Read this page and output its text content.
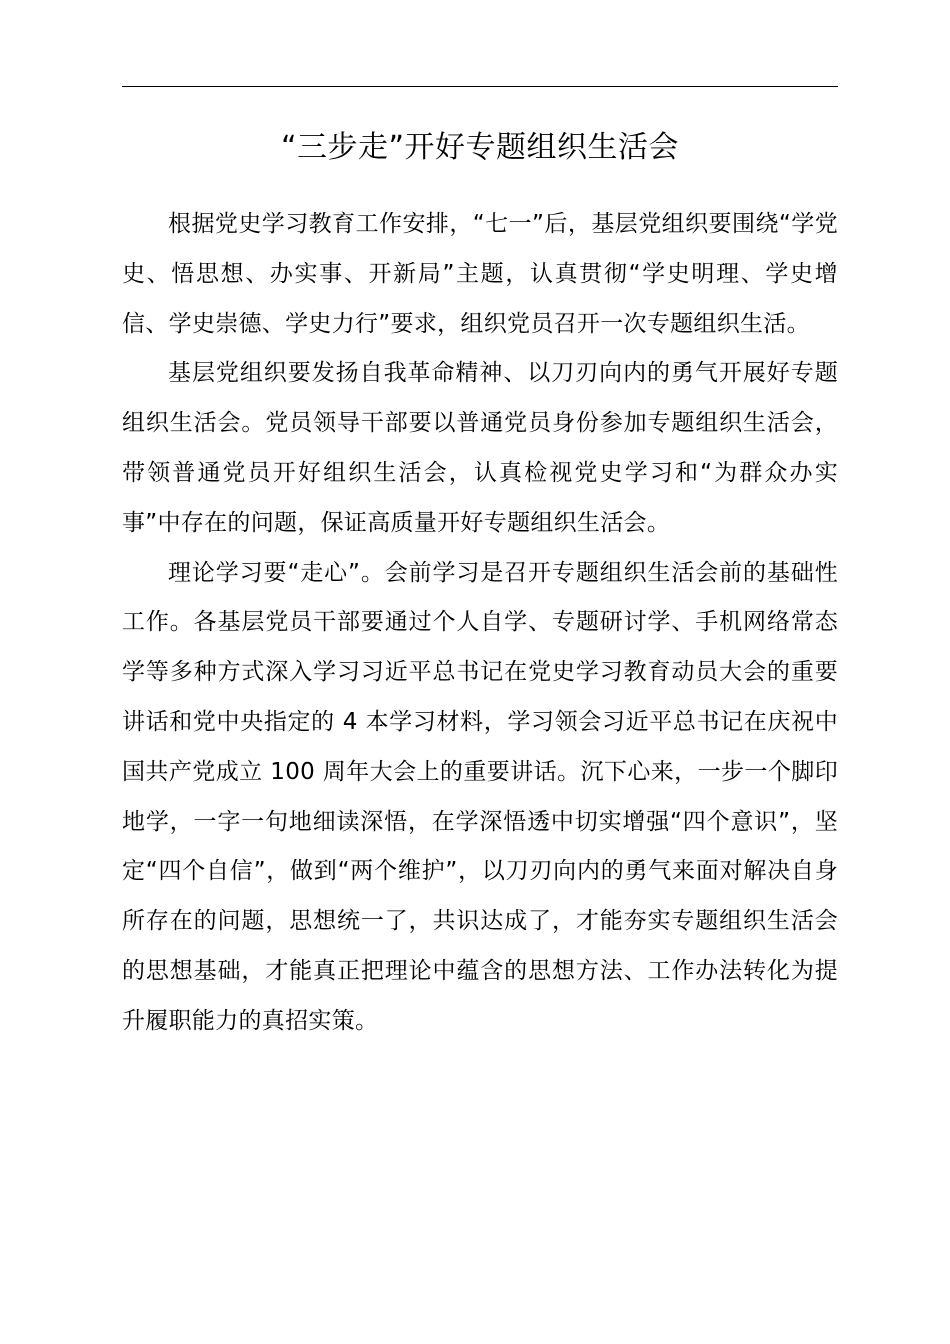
“三步走”开好专题组织生活会

根据党史学习教育工作安排，“七一”后，基层党组织要围绕“学党史、悟思想、办实事、开新局”主题，认真贯彻“学史明理、学史增信、学史崇德、学史力行”要求，组织党员召开一次专题组织生活。

基层党组织要发扬自我革命精神、以刀刃向内的勇气开展好专题组织生活会。党员领导干部要以普通党员身份参加专题组织生活会，带领普通党员开好组织生活会，认真检视党史学习和“为群众办实事”中存在的问题，保证高质量开好专题组织生活会。

理论学习要“走心”。会前学习是召开专题组织生活会前的基础性工作。各基层党员干部要通过个人自学、专题研讨学、手机网络常态学等多种方式深入学习习近平总书记在党史学习教育动员大会的重要讲话和党中央指定的 4 本学习材料，学习领会习近平总书记在庆祝中国共产党成立 100 周年大会上的重要讲话。沉下心来，一步一个脚印地学，一字一句地细读深悟，在学深悟透中切实增强“四个意识”，坚定“四个自信”，做到“两个维护”，以刀刃向内的勇气来面对解决自身所存在的问题，思想统一了，共识达成了，才能夯实专题组织生活会的思想基础，才能真正把理论中蕴含的思想方法、工作办法转化为提升履职能力的真招实策。
